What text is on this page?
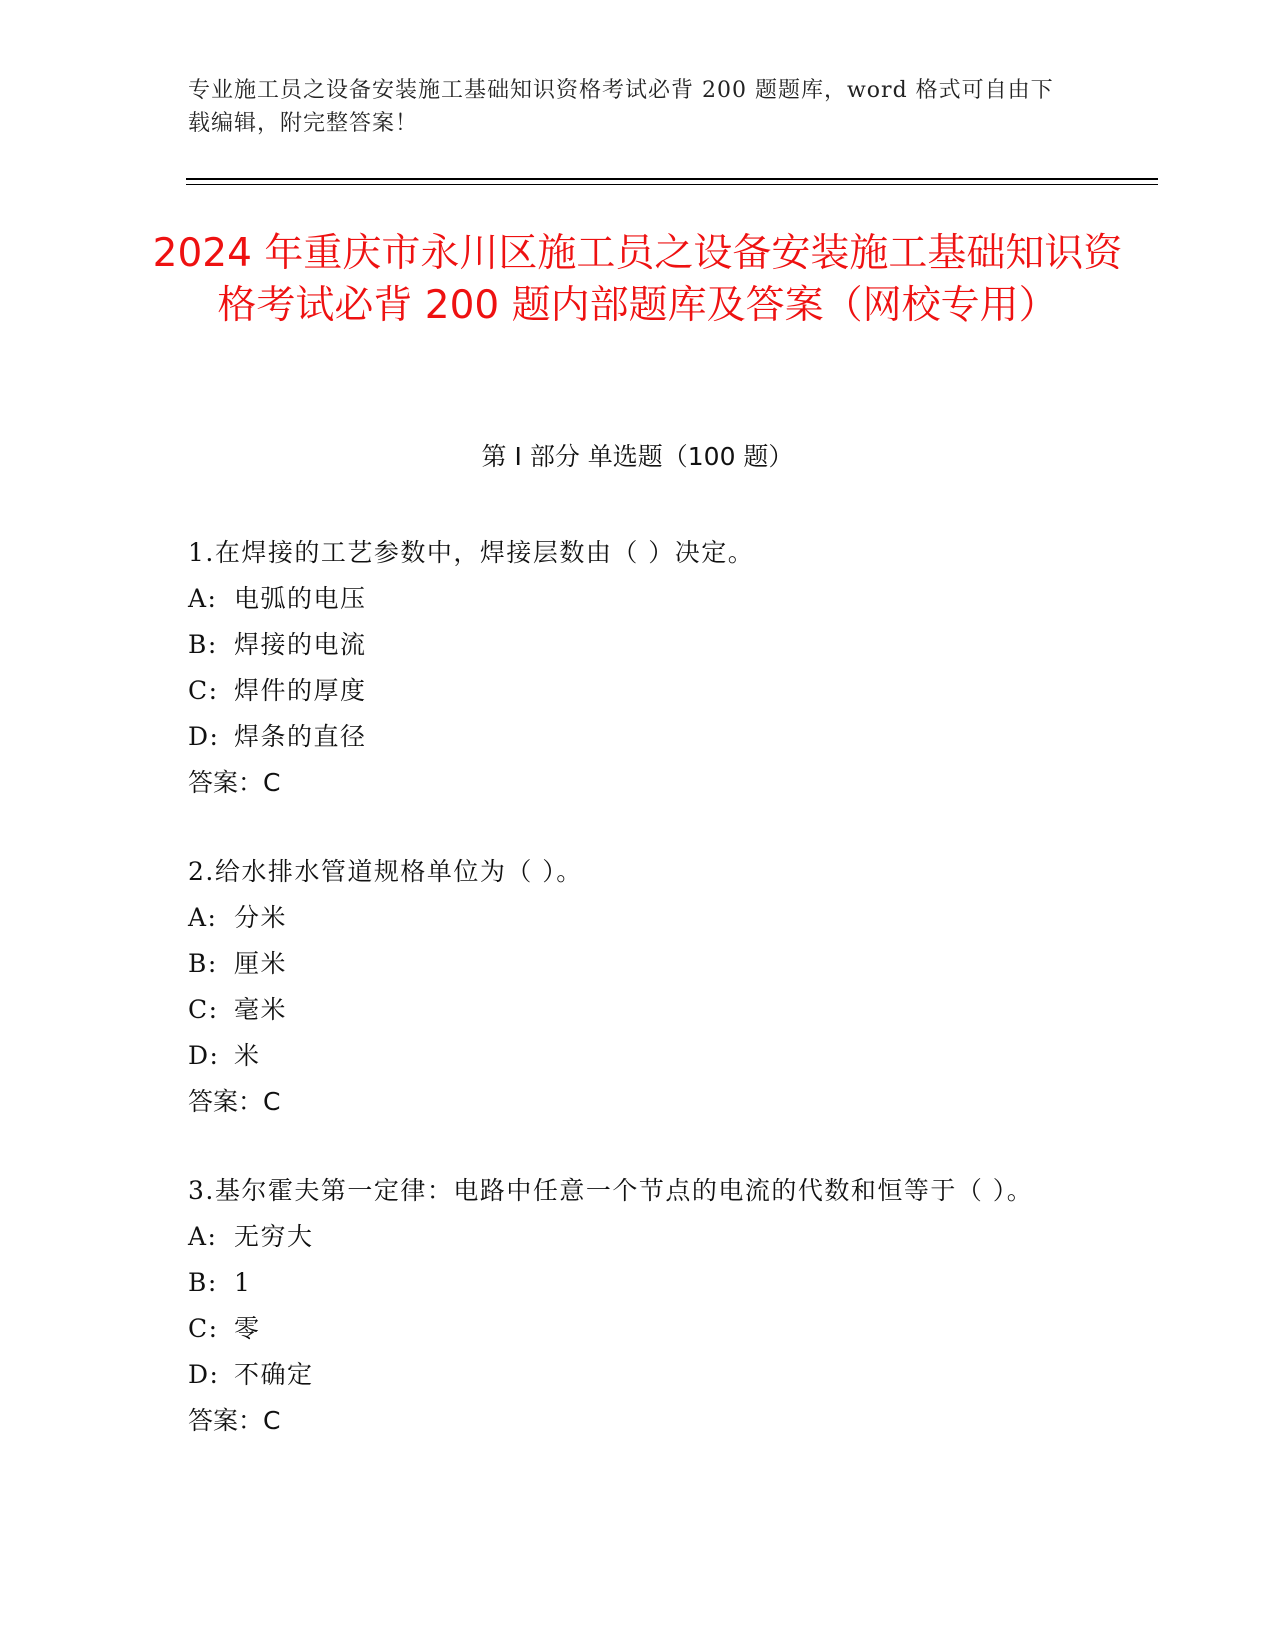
专业施工员之设备安装施工基础知识资格考试必背 200 题题库，word 格式可自由下载编辑，附完整答案！
2024 年重庆市永川区施工员之设备安装施工基础知识资格考试必背 200 题内部题库及答案（网校专用）
第 I 部分 单选题（100 题）
1.在焊接的工艺参数中，焊接层数由（ ）决定。
A: 电弧的电压
B: 焊接的电流
C: 焊件的厚度
D: 焊条的直径
答案：C
2.给水排水管道规格单位为（ ）。
A: 分米
B: 厘米
C: 毫米
D: 米
答案：C
3.基尔霍夫第一定律：电路中任意一个节点的电流的代数和恒等于（ ）。
A: 无穷大
B: 1
C: 零
D: 不确定
答案：C
